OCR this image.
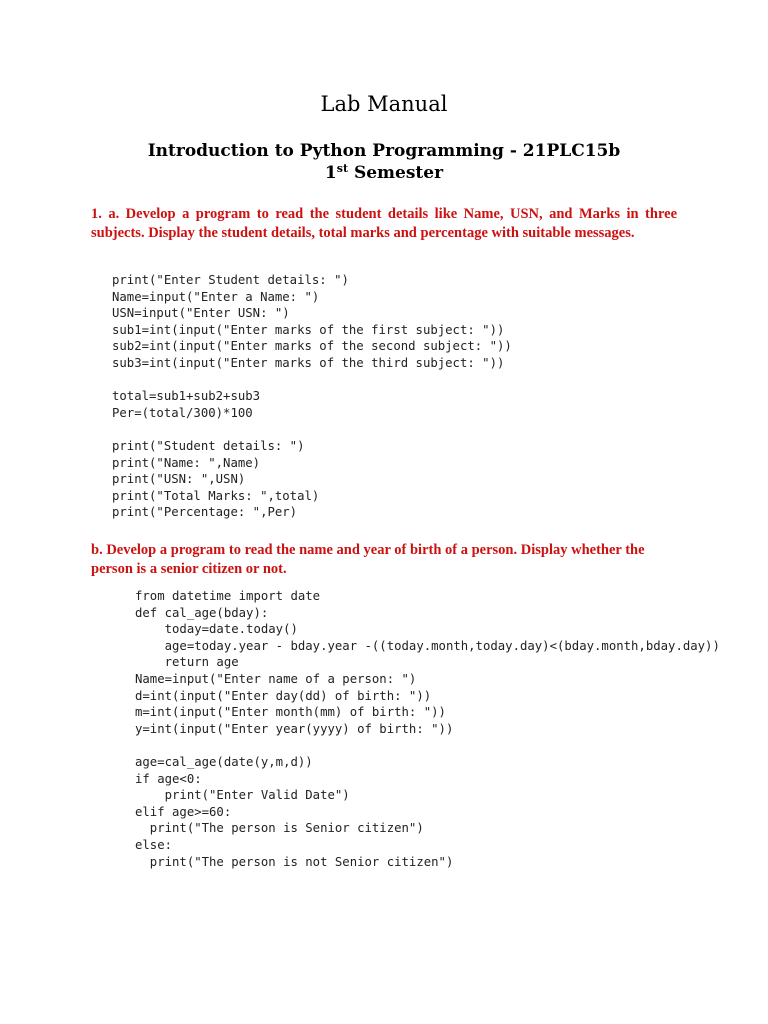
Lab Manual
Introduction to Python Programming - 21PLC15b
1st Semester
1. a. Develop a program to read the student details like Name, USN, and Marks in three subjects. Display the student details, total marks and percentage with suitable messages.
print("Enter Student details: ")
Name=input("Enter a Name: ")
USN=input("Enter USN: ")
sub1=int(input("Enter marks of the first subject: "))
sub2=int(input("Enter marks of the second subject: "))
sub3=int(input("Enter marks of the third subject: "))

total=sub1+sub2+sub3
Per=(total/300)*100

print("Student details: ")
print("Name: ",Name)
print("USN: ",USN)
print("Total Marks: ",total)
print("Percentage: ",Per)
b. Develop a program to read the name and year of birth of a person. Display whether the person is a senior citizen or not.
from datetime import date
def cal_age(bday):
today=date.today()
age=today.year - bday.year -((today.month,today.day)<(bday.month,bday.day))
return age
Name=input("Enter name of a person: ")
d=int(input("Enter day(dd) of birth: "))
m=int(input("Enter month(mm) of birth: "))
y=int(input("Enter year(yyyy) of birth: "))

age=cal_age(date(y,m,d))
if age<0:
print("Enter Valid Date")
elif age>=60:
print("The person is Senior citizen")
else:
print("The person is not Senior citizen")
